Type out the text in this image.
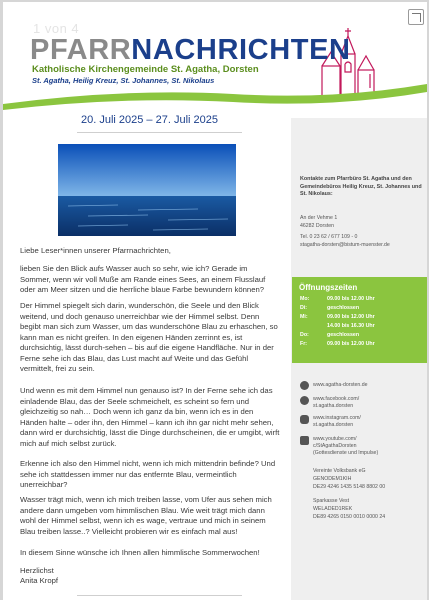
1 von 4
PFARRNACHRICHTEN
Katholische Kirchengemeinde St. Agatha, Dorsten
St. Agatha, Heilig Kreuz, St. Johannes, St. Nikolaus
Kontakte zum Pfarrbüro St. Agatha und den Gemeindebüros Heilig Kreuz, St. Johannes und St. Nikolaus:
An der Vehme 1
46282 Dorsten
Tel. 0 23 62 / 677 109 - 0
stagatha-dorsten@bistum-muenster.de
Öffnungszeiten
Mo:	09.00 bis 12.00 Uhr
Di:	geschlossen
Mi:	09.00 bis 12.00 Uhr
14.00 bis 16.30 Uhr
Do:	geschlossen
Fr:	09.00 bis 12.00 Uhr
www.agatha-dorsten.de
www.facebook.com/
st.agatha.dorsten
www.instagram.com/
st.agatha.dorsten
www.youtube.com/
c/StAgathaDorsten
(Gottesdienste und Impulse)
Vereinte Volksbank eG
GENODEM1KIH
DE29 4246 1435 5148 8802 00
Sparkasse Vest
WELADED1REK
DE89 4265 0150 0010 0000 24
20. Juli 2025 – 27. Juli 2025
Liebe Leser*innen unserer Pfarrnachrichten,
lieben Sie den Blick aufs Wasser auch so sehr, wie ich? Gerade im Sommer, wenn wir voll Muße am Rande eines Sees, an einem Flusslauf oder am Meer sitzen und die herrliche blaue Farbe bewundern können?
Der Himmel spiegelt sich darin, wunderschön, die Seele und den Blick weitend, und doch genauso unerreichbar wie der Himmel selbst. Denn begibt man sich zum Wasser, um das wunderschöne Blau zu erhaschen, so kann man es nicht greifen. In den eigenen Händen zerrinnt es, ist durchsichtig, lässt durch-sehen – bis auf die eigene Handfläche. Nur in der Ferne sehe ich das Blau, das Lust macht auf Weite und das Gefühl vermittelt, frei zu sein.
Und wenn es mit dem Himmel nun genauso ist? In der Ferne sehe ich das einladende Blau, das der Seele schmeichelt, es scheint so fern und gleichzeitig so nah… Doch wenn ich ganz da bin, wenn ich es in den Händen halte – oder ihn, den Himmel – kann ich ihn gar nicht mehr sehen, dann wird er durchsichtig, lässt die Dinge durchscheinen, die er umgibt, wirft mich auf mich selbst zurück.
Erkenne ich also den Himmel nicht, wenn ich mich mittendrin befinde? Und sehe ich stattdessen immer nur das entfernte Blau, vermeintlich unerreichbar?
Wasser trägt mich, wenn ich mich treiben lasse, vom Ufer aus sehen mich andere dann umgeben vom himmlischen Blau. Wie weit trägt mich dann wohl der Himmel selbst, wenn ich es wage, vertraue und mich in seinem Blau treiben lasse..? Vielleicht probieren wir es einfach mal aus!
In diesem Sinne wünsche ich Ihnen allen himmlische Sommerwochen!
Herzlichst
Anita Kropf
